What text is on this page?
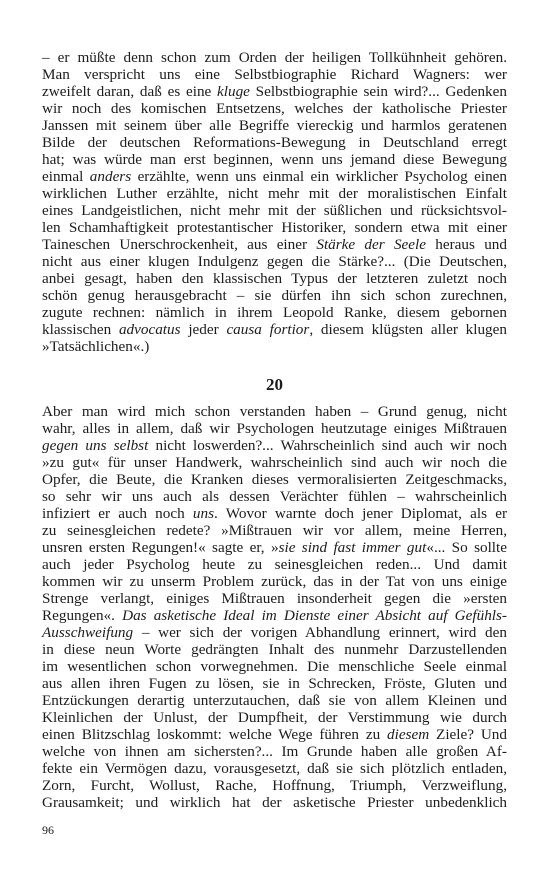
– er müßte denn schon zum Orden der heiligen Tollkühnheit gehören.
Man verspricht uns eine Selbstbiographie Richard Wagners: wer
zweifelt daran, daß es eine kluge Selbstbiographie sein wird?... Gedenken
wir noch des komischen Entsetzens, welches der katholische Priester
Janssen mit seinem über alle Begriffe viereckig und harmlos geratenen
Bilde der deutschen Reformations-Bewegung in Deutschland erregt
hat; was würde man erst beginnen, wenn uns jemand diese Bewegung
einmal anders erzählte, wenn uns einmal ein wirklicher Psycholog einen
wirklichen Luther erzählte, nicht mehr mit der moralistischen Einfalt
eines Landgeistlichen, nicht mehr mit der süßlichen und rücksichtsvol-
len Schamhaftigkeit protestantischer Historiker, sondern etwa mit einer
Taineschen Unerschrockenheit, aus einer Stärke der Seele heraus und
nicht aus einer klugen Indulgenz gegen die Stärke?... (Die Deutschen,
anbei gesagt, haben den klassischen Typus der letzteren zuletzt noch
schön genug herausgebracht – sie dürfen ihn sich schon zurechnen,
zugute rechnen: nämlich in ihrem Leopold Ranke, diesem gebornen
klassischen advocatus jeder causa fortior, diesem klügsten aller klugen
»Tatsächlichen«.)
20
Aber man wird mich schon verstanden haben – Grund genug, nicht
wahr, alles in allem, daß wir Psychologen heutzutage einiges Mißtrauen
gegen uns selbst nicht loswerden?... Wahrscheinlich sind auch wir noch
»zu gut« für unser Handwerk, wahrscheinlich sind auch wir noch die
Opfer, die Beute, die Kranken dieses vermoralisierten Zeitgeschmacks,
so sehr wir uns auch als dessen Verächter fühlen – wahrscheinlich
infiziert er auch noch uns. Wovor warnte doch jener Diplomat, als er
zu seinesgleichen redete? »Mißtrauen wir vor allem, meine Herren,
unsren ersten Regungen!« sagte er, »sie sind fast immer gut«... So sollte
auch jeder Psycholog heute zu seinesgleichen reden... Und damit
kommen wir zu unserm Problem zurück, das in der Tat von uns einige
Strenge verlangt, einiges Mißtrauen insonderheit gegen die »ersten
Regungen«. Das asketische Ideal im Dienste einer Absicht auf Gefühls-
Ausschweifung – wer sich der vorigen Abhandlung erinnert, wird den
in diese neun Worte gedrängten Inhalt des nunmehr Darzustellenden
im wesentlichen schon vorwegnehmen. Die menschliche Seele einmal
aus allen ihren Fugen zu lösen, sie in Schrecken, Fröste, Gluten und
Entzückungen derartig unterzutauchen, daß sie von allem Kleinen und
Kleinlichen der Unlust, der Dumpfheit, der Verstimmung wie durch
einen Blitzschlag loskommt: welche Wege führen zu diesem Ziele? Und
welche von ihnen am sichersten?... Im Grunde haben alle großen Af-
fekte ein Vermögen dazu, vorausgesetzt, daß sie sich plötzlich entladen,
Zorn, Furcht, Wollust, Rache, Hoffnung, Triumph, Verzweiflung,
Grausamkeit; und wirklich hat der asketische Priester unbedenklich
96
